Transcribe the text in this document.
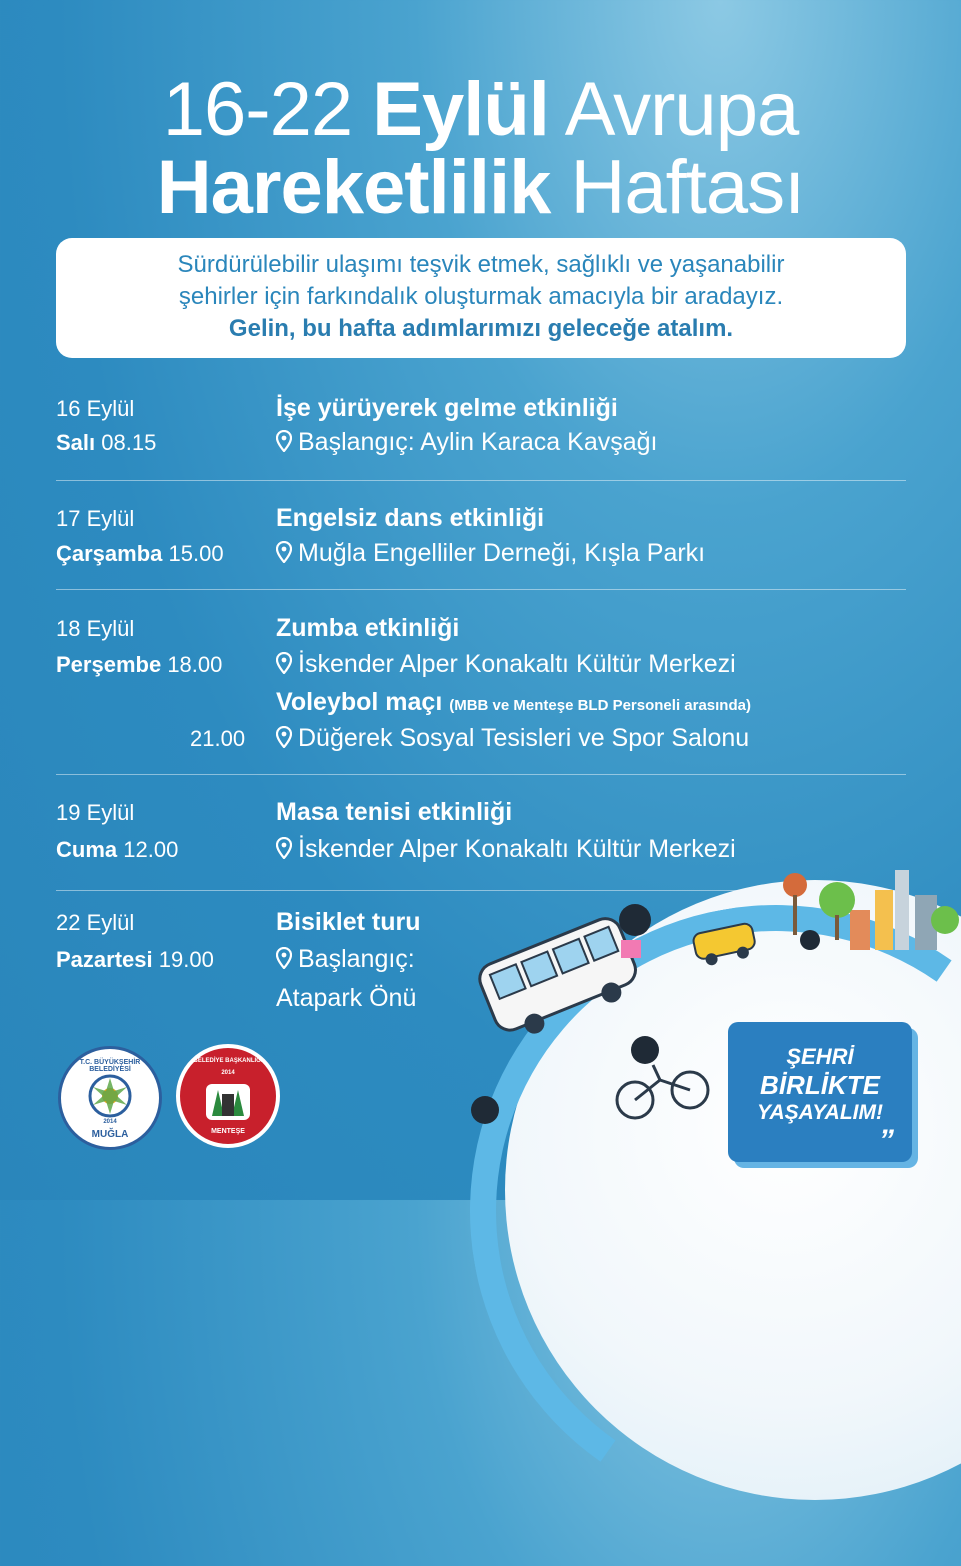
16-22 Eylül Avrupa
Hareketlilik Haftası
Sürdürülebilir ulaşımı teşvik etmek, sağlıklı ve yaşanabilir
şehirler için farkındalık oluşturmak amacıyla bir aradayız.
Gelin, bu hafta adımlarımızı geleceğe atalım.
16 Eylül
Salı 08.15
İşe yürüyerek gelme etkinliği
Başlangıç: Aylin Karaca Kavşağı
17 Eylül
Çarşamba 15.00
Engelsiz dans etkinliği
Muğla Engelliler Derneği, Kışla Parkı
18 Eylül
Perşembe 18.00
Zumba etkinliği
İskender Alper Konakaltı Kültür Merkezi
Voleybol maçı (MBB ve Menteşe BLD Personeli arasında)
21.00	Düğerek Sosyal Tesisleri ve Spor Salonu
19 Eylül
Cuma 12.00
Masa tenisi etkinliği
İskender Alper Konakaltı Kültür Merkezi
22 Eylül
Pazartesi 19.00
Bisiklet turu
Başlangıç:
Atapark Önü
ŞEHRİ
BİRLİKTE
YAŞAYALIM!
”
T.C. BÜYÜKŞEHİR BELEDİYESİ
2014
MUĞLA
BELEDİYE BAŞKANLIĞI
2014
MENTEŞE
